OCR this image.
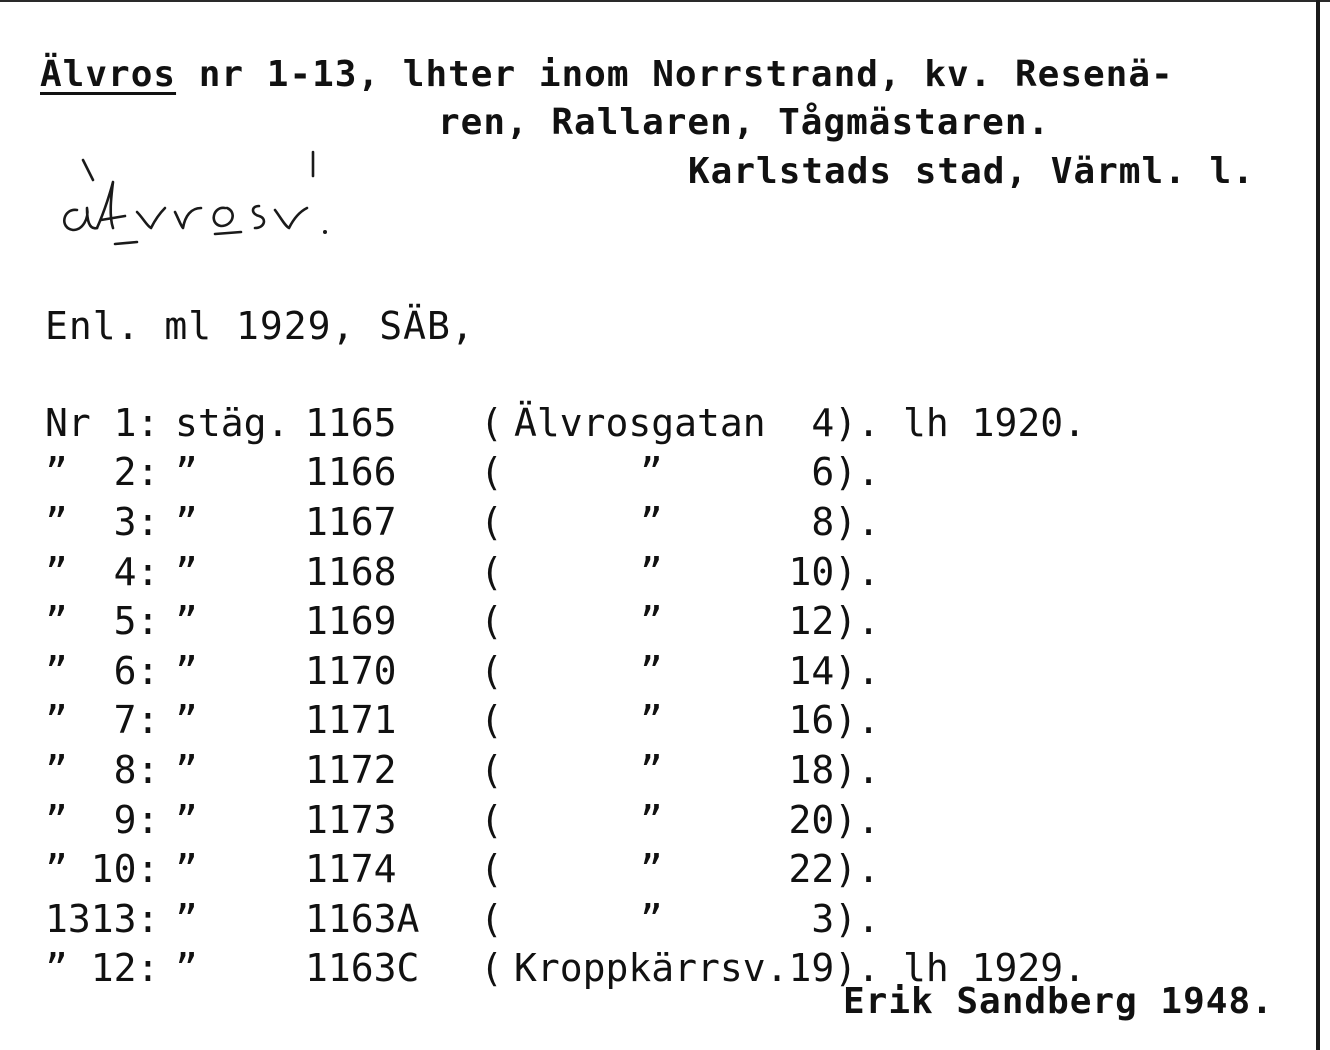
Älvros nr 1-13, lhter inom Norrstrand, kv. Resenä-
ren, Rallaren, Tågmästaren.
Karlstads stad, Värml. l.
Enl. ml 1929, SÄB,
Nr 1:	stäg.	1165	(	Älvrosgatan	4).	lh 1920.
”  2:	”	1166	(	”	6).	
”  3:	”	1167	(	”	8).	
”  4:	”	1168	(	”	10).	
”  5:	”	1169	(	”	12).	
”  6:	”	1170	(	”	14).	
”  7:	”	1171	(	”	16).	
”  8:	”	1172	(	”	18).	
”  9:	”	1173	(	”	20).	
” 10:	”	1174	(	”	22).	
1313:	”	1163A	(	”	3).	
” 12:	”	1163C	(	Kroppkärrsv.	19).	lh 1929.
Erik Sandberg 1948.
